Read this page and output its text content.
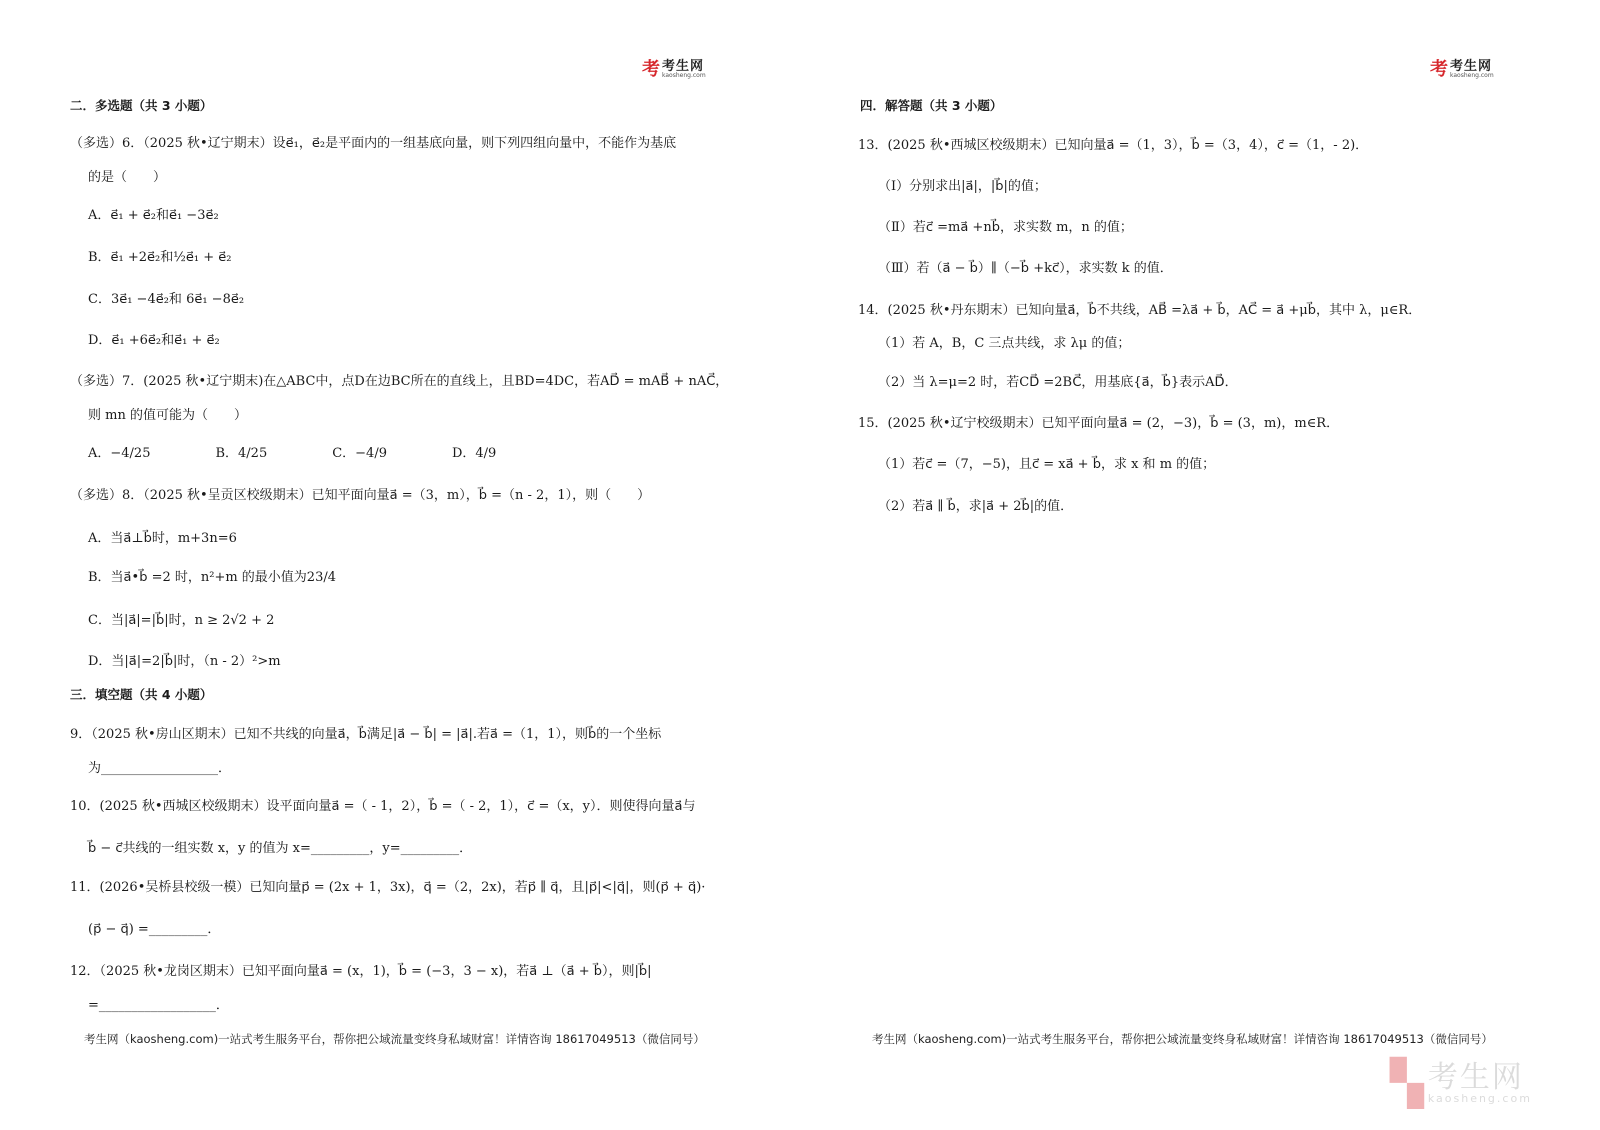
考 考生网
kaosheng.com	考 考生网
kaosheng.com
二．多选题（共 3 小题）
（多选）6．（2025 秋•辽宁期末）设e⃗₁，e⃗₂是平面内的一组基底向量，则下列四组向量中，不能作为基底
的是（　　）
A．e⃗₁ + e⃗₂和e⃗₁ −3e⃗₂
B．e⃗₁ +2e⃗₂和½e⃗₁ + e⃗₂
C．3e⃗₁ −4e⃗₂和 6e⃗₁ −8e⃗₂
D．e⃗₁ +6e⃗₂和e⃗₁ + e⃗₂
（多选）7．(2025 秋•辽宁期末)在△ABC中，点D在边BC所在的直线上，且BD=4DC，若AD⃗ = mAB⃗ + nAC⃗，
则 mn 的值可能为（　　）
A．−4/25　　　　　B．4/25　　　　　C．−4/9　　　　　D．4/9
（多选）8．（2025 秋•呈贡区校级期末）已知平面向量a⃗ =（3，m），b⃗ =（n - 2，1），则（　　）
A．当a⃗⊥b⃗时，m+3n=6
B．当a⃗•b⃗ =2 时，n²+m 的最小值为23/4
C．当|a⃗|=|b⃗|时，n ≥ 2√2 + 2
D．当|a⃗|=2|b⃗|时，（n - 2）²>m
三．填空题（共 4 小题）
9．（2025 秋•房山区期末）已知不共线的向量a⃗，b⃗满足|a⃗ − b⃗| = |a⃗|.若a⃗ =（1，1），则b⃗的一个坐标
为__________________．
10．(2025 秋•西城区校级期末）设平面向量a⃗ =（ - 1，2），b⃗ =（ - 2，1），c⃗ =（x，y）．则使得向量a⃗与
b⃗ − c⃗共线的一组实数 x，y 的值为 x=_________，y=_________．
11．(2026•吴桥县校级一模）已知向量p⃗ = (2x + 1，3x)，q⃗ =（2，2x)，若p⃗ ∥ q⃗，且|p⃗|<|q⃗|，则(p⃗ + q⃗)·
(p⃗ − q⃗) =_________．
12．（2025 秋•龙岗区期末）已知平面向量a⃗ = (x，1)，b⃗ = (−3，3 − x)，若a⃗ ⊥（a⃗ + b⃗），则|b⃗|
=__________________．
四．解答题（共 3 小题）
13．(2025 秋•西城区校级期末）已知向量a⃗ =（1，3），b⃗ =（3，4），c⃗ =（1，- 2)．
（Ⅰ）分别求出|a⃗|，|b⃗|的值；
（Ⅱ）若c⃗ =ma⃗ +nb⃗，求实数 m，n 的值；
（Ⅲ）若（a⃗ − b⃗）∥（−b⃗ +kc⃗），求实数 k 的值．
14．(2025 秋•丹东期末）已知向量a⃗，b⃗不共线，AB⃗ =λa⃗ + b⃗，AC⃗ = a⃗ +μb⃗，其中 λ，μ∈R．
（1）若 A，B，C 三点共线，求 λμ 的值；
（2）当 λ=μ=2 时，若CD⃗ =2BC⃗，用基底{a⃗，b⃗}表示AD⃗．
15．(2025 秋•辽宁校级期末）已知平面向量a⃗ = (2，−3)，b⃗ = (3，m)，m∈R．
（1）若c⃗ =（7，−5)，且c⃗ = xa⃗ + b⃗，求 x 和 m 的值；
（2）若a⃗ ∥ b⃗，求|a⃗ + 2b⃗|的值．
考生网（kaosheng.com)一站式考生服务平台，帮你把公域流量变终身私域财富！详情咨询 18617049513（微信同号）	考生网（kaosheng.com)一站式考生服务平台，帮你把公域流量变终身私域财富！详情咨询 18617049513（微信同号）
▚ 考生网
kaosheng.com
